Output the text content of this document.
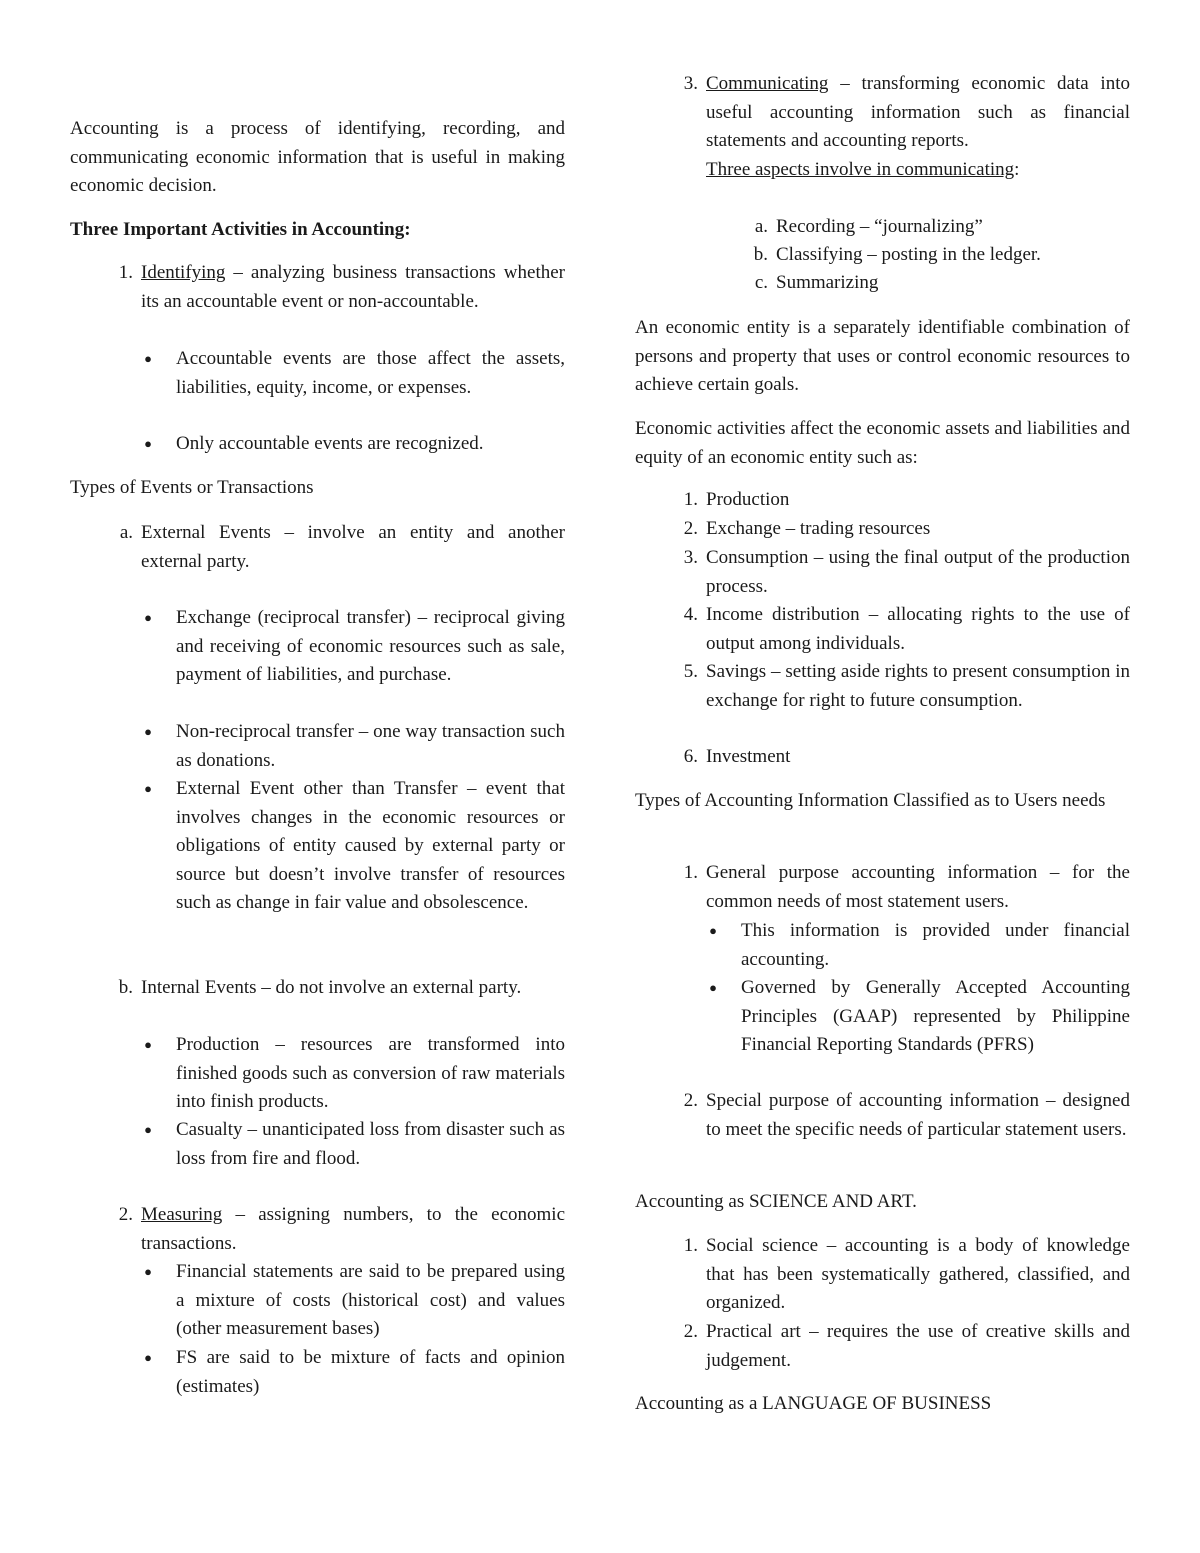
Accounting is a process of identifying, recording, and communicating economic information that is useful in making economic decision.

Three Important Activities in Accounting:

1. Identifying – analyzing business transactions whether its an accountable event or non-accountable.
● Accountable events are those affect the assets, liabilities, equity, income, or expenses.
● Only accountable events are recognized.

Types of Events or Transactions

a. External Events – involve an entity and another external party.
● Exchange (reciprocal transfer) – reciprocal giving and receiving of economic resources such as sale, payment of liabilities, and purchase.
● Non-reciprocal transfer – one way transaction such as donations.
● External Event other than Transfer – event that involves changes in the economic resources or obligations of entity caused by external party or source but doesn’t involve transfer of resources such as change in fair value and obsolescence.
b. Internal Events – do not involve an external party.
● Production – resources are transformed into finished goods such as conversion of raw materials into finish products.
● Casualty – unanticipated loss from disaster such as loss from fire and flood.
2. Measuring – assigning numbers, to the economic transactions.
● Financial statements are said to be prepared using a mixture of costs (historical cost) and values (other measurement bases)
● FS are said to be mixture of facts and opinion (estimates)
3. Communicating – transforming economic data into useful accounting information such as financial statements and accounting reports.
Three aspects involve in communicating:
a. Recording – “journalizing”
b. Classifying – posting in the ledger.
c. Summarizing

An economic entity is a separately identifiable combination of persons and property that uses or control economic resources to achieve certain goals.

Economic activities affect the economic assets and liabilities and equity of an economic entity such as:

1. Production
2. Exchange – trading resources
3. Consumption – using the final output of the production process.
4. Income distribution – allocating rights to the use of output among individuals.
5. Savings – setting aside rights to present consumption in exchange for right to future consumption.
6. Investment

Types of Accounting Information Classified as to Users needs

1. General purpose accounting information – for the common needs of most statement users.
● This information is provided under financial accounting.
● Governed by Generally Accepted Accounting Principles (GAAP) represented by Philippine Financial Reporting Standards (PFRS)
2. Special purpose of accounting information – designed to meet the specific needs of particular statement users.

Accounting as SCIENCE AND ART.

1. Social science – accounting is a body of knowledge that has been systematically gathered, classified, and organized.
2. Practical art – requires the use of creative skills and judgement.

Accounting as a LANGUAGE OF BUSINESS
